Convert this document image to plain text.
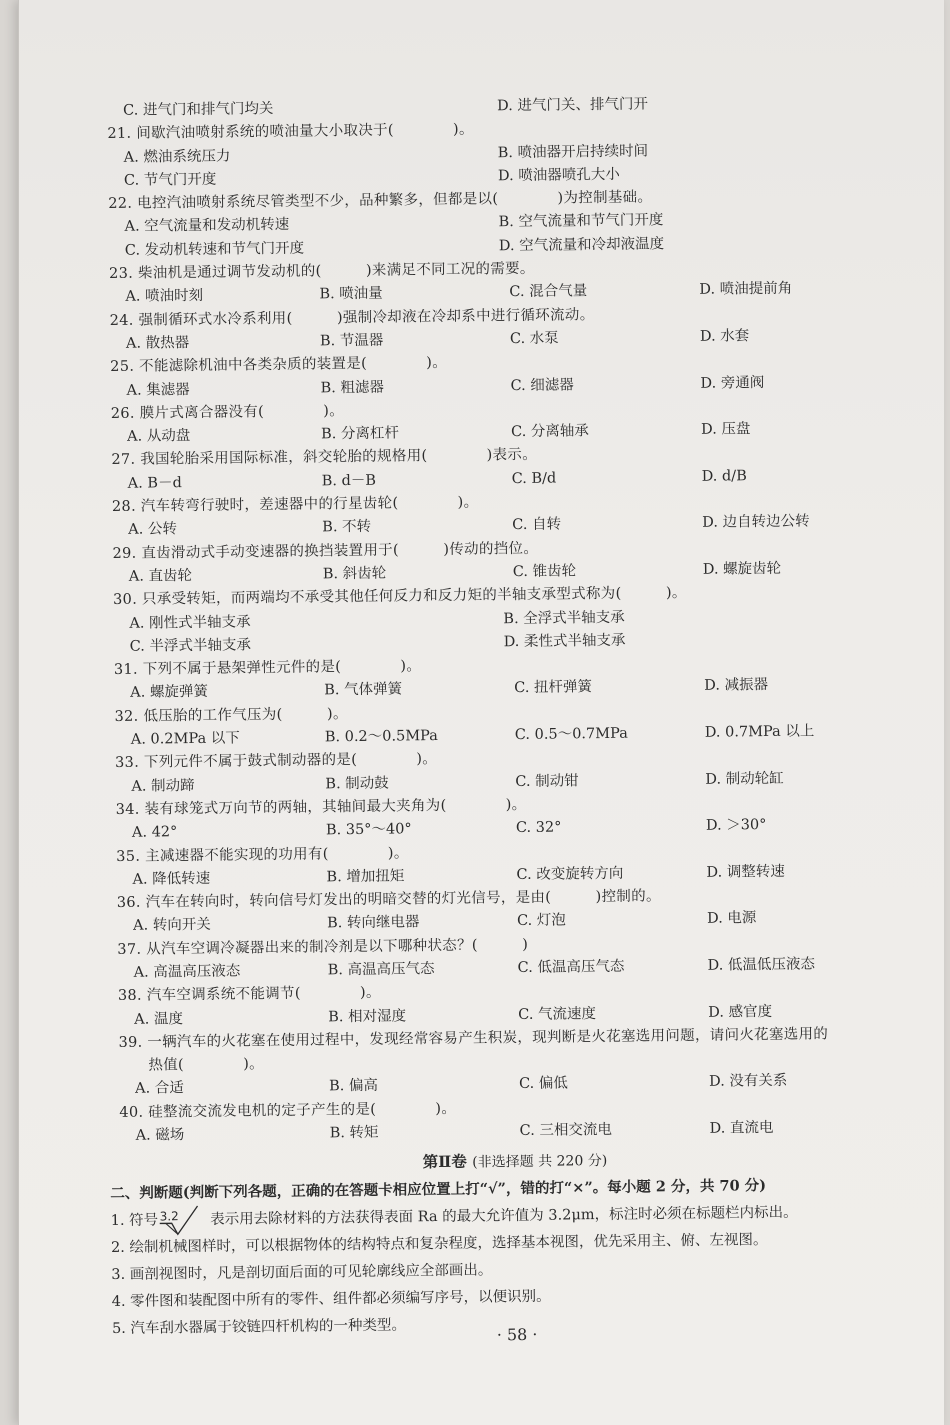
C. 进气门和排气门均关	D. 进气门关、排气门开
21. 间歇汽油喷射系统的喷油量大小取决于(　　　　)。
A. 燃油系统压力	B. 喷油器开启持续时间
C. 节气门开度	D. 喷油器喷孔大小
22. 电控汽油喷射系统尽管类型不少，品种繁多，但都是以(　　　　)为控制基础。
A. 空气流量和发动机转速	B. 空气流量和节气门开度
C. 发动机转速和节气门开度	D. 空气流量和冷却液温度
23. 柴油机是通过调节发动机的(　　　)来满足不同工况的需要。
A. 喷油时刻	B. 喷油量	C. 混合气量	D. 喷油提前角
24. 强制循环式水冷系利用(　　　)强制冷却液在冷却系中进行循环流动。
A. 散热器	B. 节温器	C. 水泵	D. 水套
25. 不能滤除机油中各类杂质的装置是(　　　　)。
A. 集滤器	B. 粗滤器	C. 细滤器	D. 旁通阀
26. 膜片式离合器没有(　　　　)。
A. 从动盘	B. 分离杠杆	C. 分离轴承	D. 压盘
27. 我国轮胎采用国际标准，斜交轮胎的规格用(　　　　)表示。
A. B－d	B. d－B	C. B/d	D. d/B
28. 汽车转弯行驶时，差速器中的行星齿轮(　　　　)。
A. 公转	B. 不转	C. 自转	D. 边自转边公转
29. 直齿滑动式手动变速器的换挡装置用于(　　　)传动的挡位。
A. 直齿轮	B. 斜齿轮	C. 锥齿轮	D. 螺旋齿轮
30. 只承受转矩，而两端均不承受其他任何反力和反力矩的半轴支承型式称为(　　　)。
A. 刚性式半轴支承	B. 全浮式半轴支承
C. 半浮式半轴支承	D. 柔性式半轴支承
31. 下列不属于悬架弹性元件的是(　　　　)。
A. 螺旋弹簧	B. 气体弹簧	C. 扭杆弹簧	D. 减振器
32. 低压胎的工作气压为(　　　)。
A. 0.2MPa 以下	B. 0.2～0.5MPa	C. 0.5～0.7MPa	D. 0.7MPa 以上
33. 下列元件不属于鼓式制动器的是(　　　　)。
A. 制动蹄	B. 制动鼓	C. 制动钳	D. 制动轮缸
34. 装有球笼式万向节的两轴，其轴间最大夹角为(　　　　)。
A. 42°	B. 35°～40°	C. 32°	D. ＞30°
35. 主减速器不能实现的功用有(　　　　)。
A. 降低转速	B. 增加扭矩	C. 改变旋转方向	D. 调整转速
36. 汽车在转向时，转向信号灯发出的明暗交替的灯光信号，是由(　　　)控制的。
A. 转向开关	B. 转向继电器	C. 灯泡	D. 电源
37. 从汽车空调冷凝器出来的制冷剂是以下哪种状态？(　　　)
A. 高温高压液态	B. 高温高压气态	C. 低温高压气态	D. 低温低压液态
38. 汽车空调系统不能调节(　　　　)。
A. 温度	B. 相对湿度	C. 气流速度	D. 感官度
39. 一辆汽车的火花塞在使用过程中，发现经常容易产生积炭，现判断是火花塞选用问题，请问火花塞选用的
　　热值(　　　　)。
A. 合适	B. 偏高	C. 偏低	D. 没有关系
40. 硅整流交流发电机的定子产生的是(　　　　)。
A. 磁场	B. 转矩	C. 三相交流电	D. 直流电
第Ⅱ卷 (非选择题 共 220 分)
二、判断题(判断下列各题，正确的在答题卡相应位置上打“√”，错的打“×”。每小题 2 分，共 70 分)
1. 符号 3.2 表示用去除材料的方法获得表面 Ra 的最大允许值为 3.2μm，标注时必须在标题栏内标出。
2. 绘制机械图样时，可以根据物体的结构特点和复杂程度，选择基本视图，优先采用主、俯、左视图。
3. 画剖视图时，凡是剖切面后面的可见轮廓线应全部画出。
4. 零件图和装配图中所有的零件、组件都必须编写序号，以便识别。
5. 汽车刮水器属于铰链四杆机构的一种类型。	· 58 ·
